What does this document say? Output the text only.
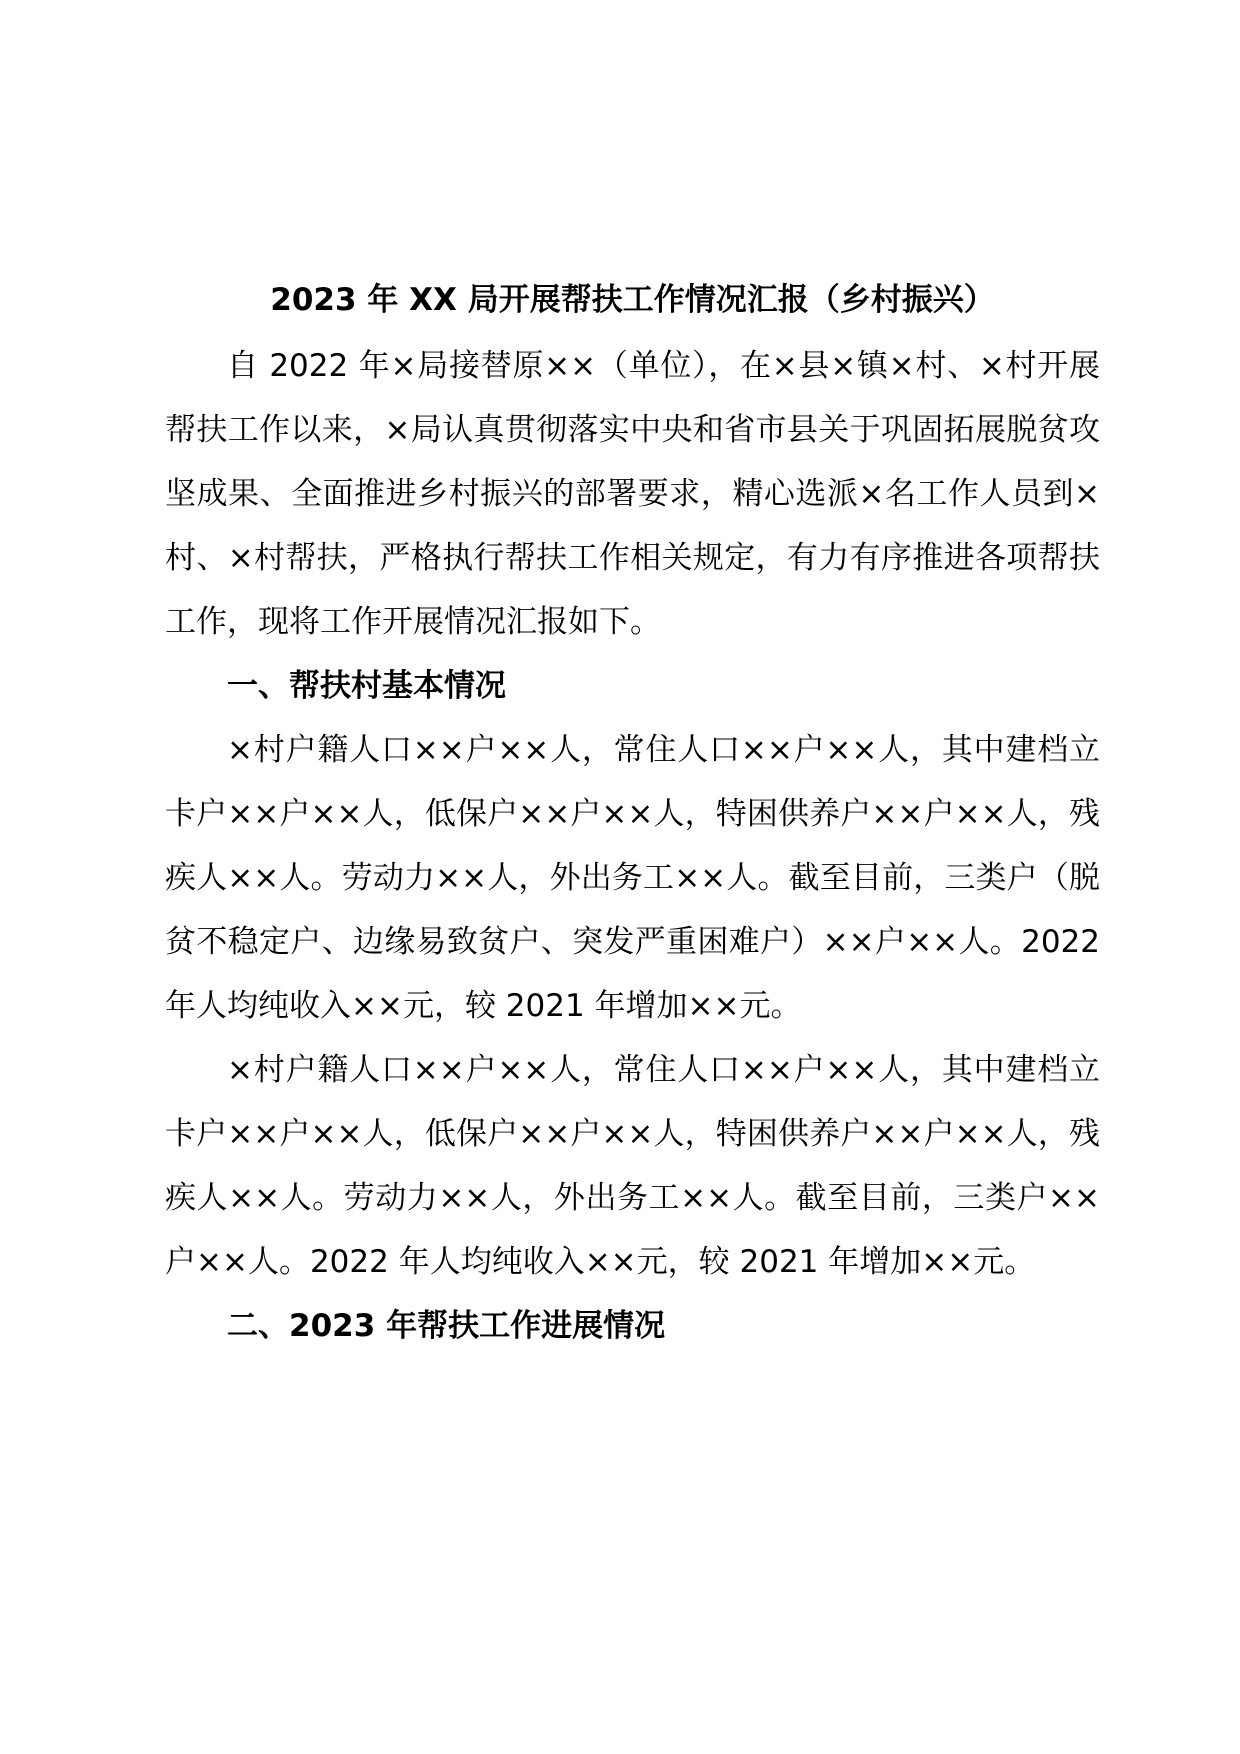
2023 年 XX 局开展帮扶工作情况汇报（乡村振兴）

自 2022 年×局接替原××（单位），在×县×镇×村、×村开展帮扶工作以来，×局认真贯彻落实中央和省市县关于巩固拓展脱贫攻坚成果、全面推进乡村振兴的部署要求，精心选派×名工作人员到×村、×村帮扶，严格执行帮扶工作相关规定，有力有序推进各项帮扶工作，现将工作开展情况汇报如下。

一、帮扶村基本情况

×村户籍人口××户××人，常住人口××户××人，其中建档立卡户××户××人，低保户××户××人，特困供养户××户××人，残疾人××人。劳动力××人，外出务工××人。截至目前，三类户（脱贫不稳定户、边缘易致贫户、突发严重困难户）××户××人。2022 年人均纯收入××元，较 2021 年增加××元。

×村户籍人口××户××人，常住人口××户××人，其中建档立卡户××户××人，低保户××户××人，特困供养户××户××人，残疾人××人。劳动力××人，外出务工××人。截至目前，三类户××户××人。2022 年人均纯收入××元，较 2021 年增加××元。

二、2023 年帮扶工作进展情况
